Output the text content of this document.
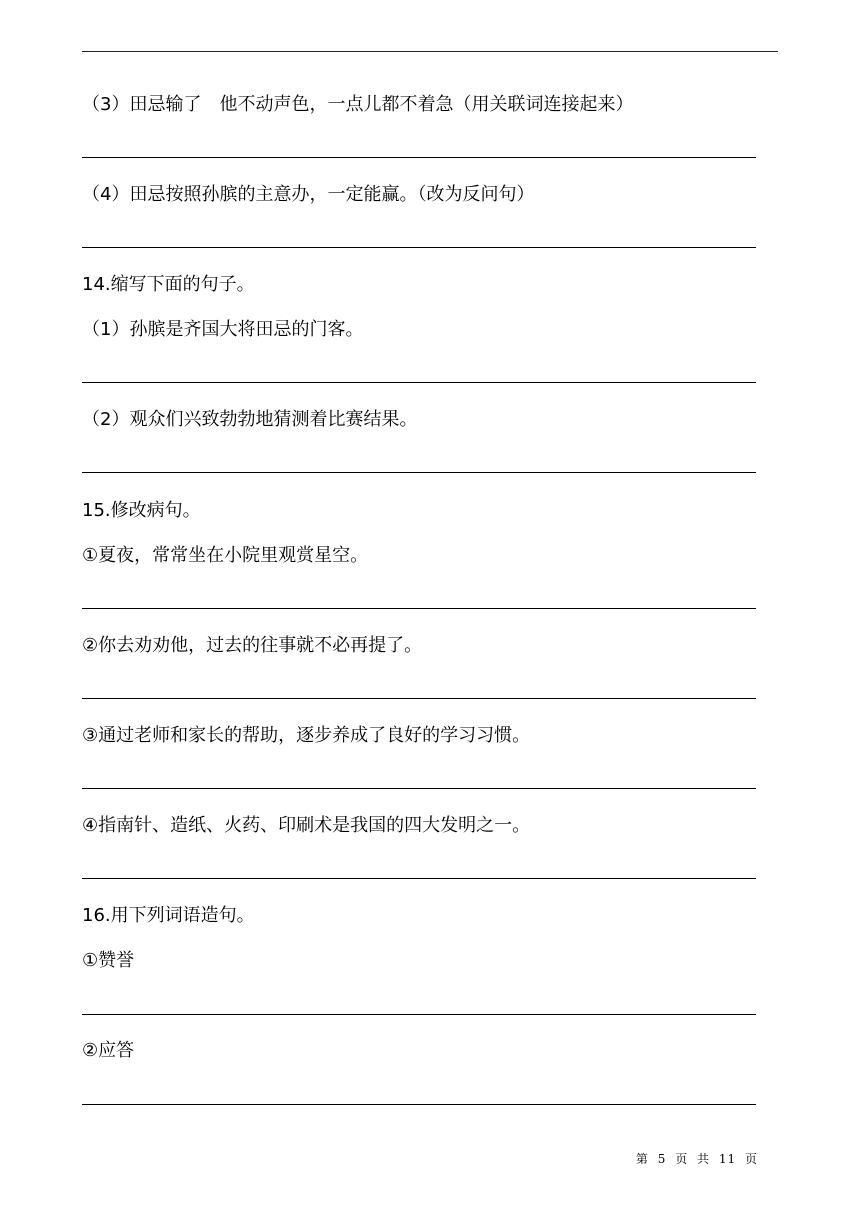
（3）田忌输了　他不动声色，一点儿都不着急（用关联词连接起来）
（4）田忌按照孙膑的主意办，一定能赢。（改为反问句）
14.缩写下面的句子。
（1）孙膑是齐国大将田忌的门客。
（2）观众们兴致勃勃地猜测着比赛结果。
15.修改病句。
①夏夜，常常坐在小院里观赏星空。
②你去劝劝他，过去的往事就不必再提了。
③通过老师和家长的帮助，逐步养成了良好的学习习惯。
④指南针、造纸、火药、印刷术是我国的四大发明之一。
16.用下列词语造句。
①赞誉
②应答
第 5 页 共 11 页
